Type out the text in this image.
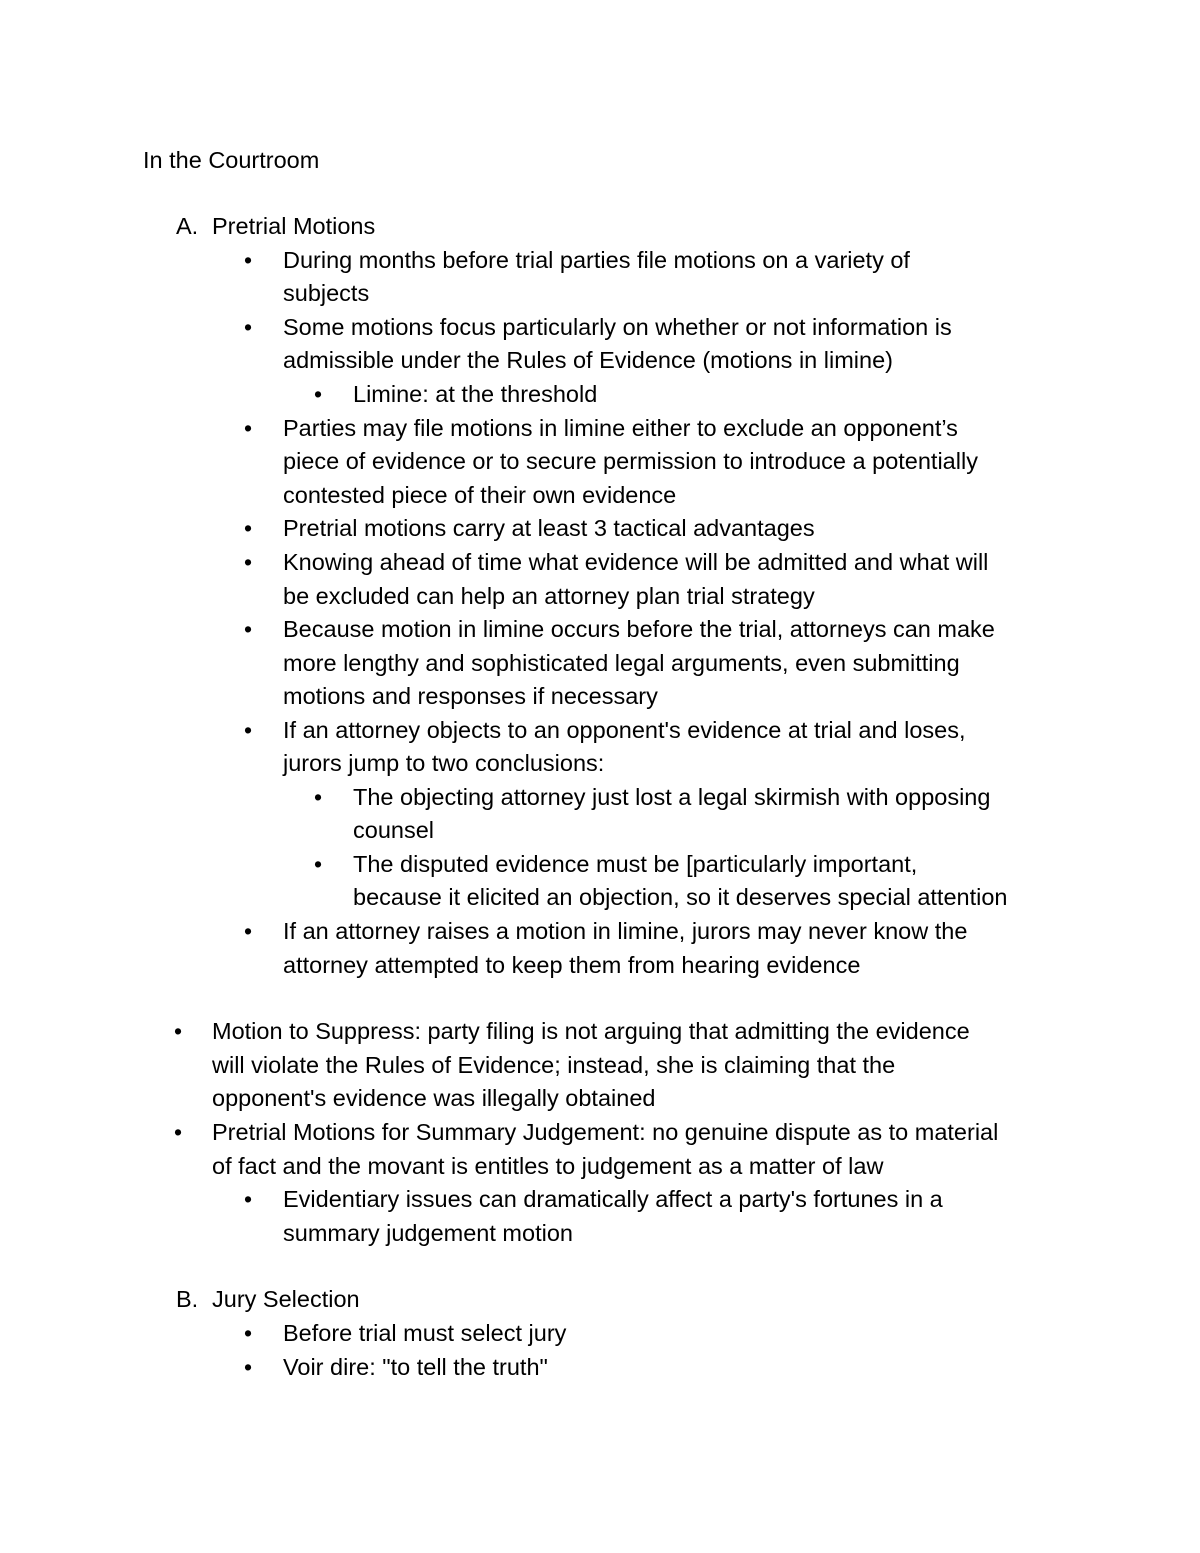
In the Courtroom
A. Pretrial Motions
• During months before trial parties file motions on a variety of
subjects
• Some motions focus particularly on whether or not information is
admissible under the Rules of Evidence (motions in limine)
• Limine: at the threshold
• Parties may file motions in limine either to exclude an opponent’s
piece of evidence or to secure permission to introduce a potentially
contested piece of their own evidence
• Pretrial motions carry at least 3 tactical advantages
• Knowing ahead of time what evidence will be admitted and what will
be excluded can help an attorney plan trial strategy
• Because motion in limine occurs before the trial, attorneys can make
more lengthy and sophisticated legal arguments, even submitting
motions and responses if necessary
• If an attorney objects to an opponent's evidence at trial and loses,
jurors jump to two conclusions:
• The objecting attorney just lost a legal skirmish with opposing
counsel
• The disputed evidence must be [particularly important,
because it elicited an objection, so it deserves special attention
• If an attorney raises a motion in limine, jurors may never know the
attorney attempted to keep them from hearing evidence
• Motion to Suppress: party filing is not arguing that admitting the evidence
will violate the Rules of Evidence; instead, she is claiming that the
opponent's evidence was illegally obtained
• Pretrial Motions for Summary Judgement: no genuine dispute as to material
of fact and the movant is entitles to judgement as a matter of law
• Evidentiary issues can dramatically affect a party's fortunes in a
summary judgement motion
B. Jury Selection
• Before trial must select jury
• Voir dire: "to tell the truth"
